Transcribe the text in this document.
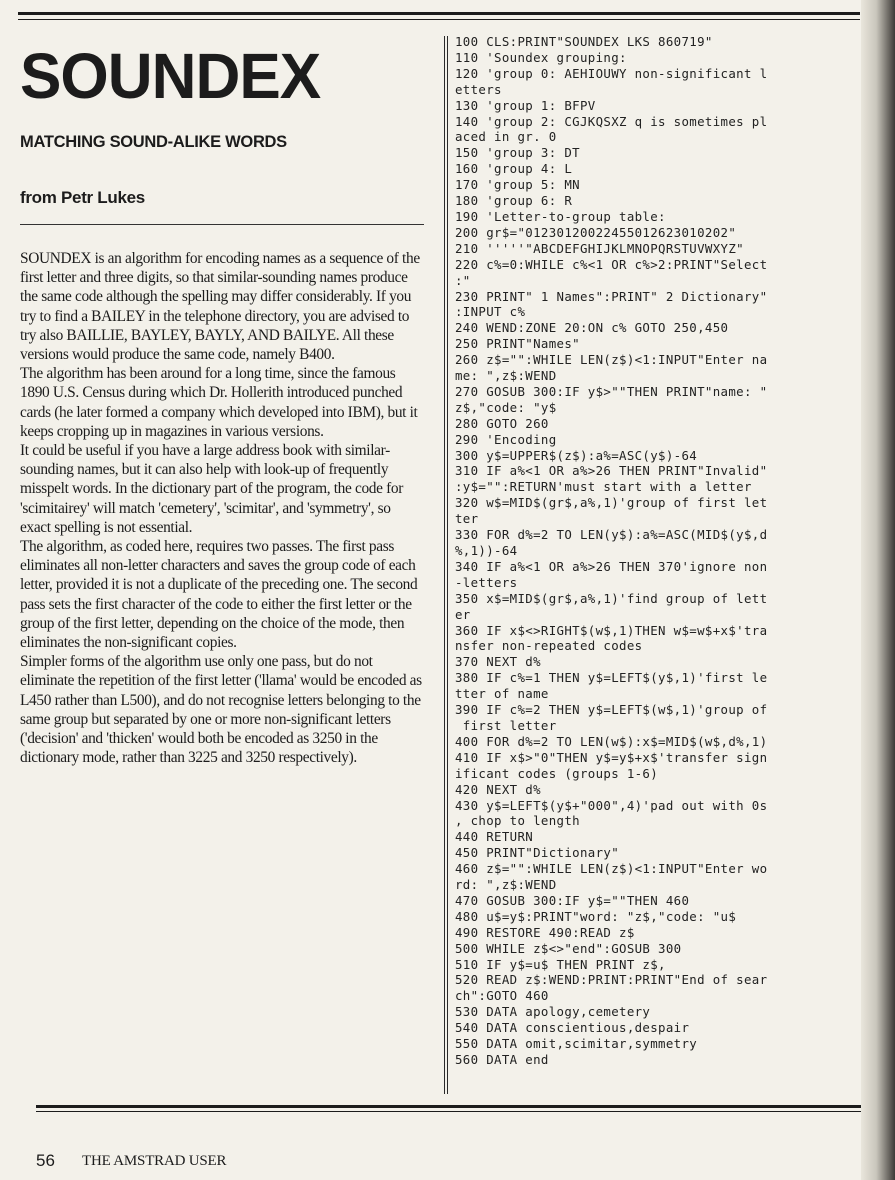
SOUNDEX
MATCHING SOUND-ALIKE WORDS
from Petr Lukes

SOUNDEX is an algorithm for encoding names as a sequence of the first letter and three digits, so that similar-sounding names produce the same code although the spelling may differ considerably. If you try to find a BAILEY in the telephone directory, you are advised to try also BAILLIE, BAYLEY, BAYLY, AND BAILYE. All these versions would produce the same code, namely B400.

The algorithm has been around for a long time, since the famous 1890 U.S. Census during which Dr. Hollerith introduced punched cards (he later formed a company which developed into IBM), but it keeps cropping up in magazines in various versions.

It could be useful if you have a large address book with similar-sounding names, but it can also help with look-up of frequently misspelt words. In the dictionary part of the program, the code for 'scimitairey' will match 'cemetery', 'scimitar', and 'symmetry', so exact spelling is not essential.

The algorithm, as coded here, requires two passes. The first pass eliminates all non-letter characters and saves the group code of each letter, provided it is not a duplicate of the preceding one. The second pass sets the first character of the code to either the first letter or the group of the first letter, depending on the choice of the mode, then eliminates the non-significant copies.

Simpler forms of the algorithm use only one pass, but do not eliminate the repetition of the first letter ('llama' would be encoded as L450 rather than L500), and do not recognise letters belonging to the same group but separated by one or more non-significant letters ('decision' and 'thicken' would both be encoded as 3250 in the dictionary mode, rather than 3225 and 3250 respectively).

100 CLS:PRINT"SOUNDEX LKS 860719"
110 'Soundex grouping:
120 'group 0: AEHIOUWY non-significant l
etters
130 'group 1: BFPV
140 'group 2: CGJKQSXZ q is sometimes pl
aced in gr. 0
150 'group 3: DT
160 'group 4: L
170 'group 5: MN
180 'group 6: R
190 'Letter-to-group table:
200 gr$="01230120022455012623010202"
210 '''''"ABCDEFGHIJKLMNOPQRSTUVWXYZ"
220 c%=0:WHILE c%<1 OR c%>2:PRINT"Select
:"
230 PRINT" 1 Names":PRINT" 2 Dictionary"
:INPUT c%
240 WEND:ZONE 20:ON c% GOTO 250,450
250 PRINT"Names"
260 z$="":WHILE LEN(z$)<1:INPUT"Enter na
me: ",z$:WEND
270 GOSUB 300:IF y$>""THEN PRINT"name: "
z$,"code: "y$
280 GOTO 260
290 'Encoding
300 y$=UPPER$(z$):a%=ASC(y$)-64
310 IF a%<1 OR a%>26 THEN PRINT"Invalid"
:y$="":RETURN'must start with a letter
320 w$=MID$(gr$,a%,1)'group of first let
ter
330 FOR d%=2 TO LEN(y$):a%=ASC(MID$(y$,d
%,1))-64
340 IF a%<1 OR a%>26 THEN 370'ignore non
-letters
350 x$=MID$(gr$,a%,1)'find group of lett
er
360 IF x$<>RIGHT$(w$,1)THEN w$=w$+x$'tra
nsfer non-repeated codes
370 NEXT d%
380 IF c%=1 THEN y$=LEFT$(y$,1)'first le
tter of name
390 IF c%=2 THEN y$=LEFT$(w$,1)'group of
first letter
400 FOR d%=2 TO LEN(w$):x$=MID$(w$,d%,1)
410 IF x$>"0"THEN y$=y$+x$'transfer sign
ificant codes (groups 1-6)
420 NEXT d%
430 y$=LEFT$(y$+"000",4)'pad out with 0s
, chop to length
440 RETURN
450 PRINT"Dictionary"
460 z$="":WHILE LEN(z$)<1:INPUT"Enter wo
rd: ",z$:WEND
470 GOSUB 300:IF y$=""THEN 460
480 u$=y$:PRINT"word: "z$,"code: "u$
490 RESTORE 490:READ z$
500 WHILE z$<>"end":GOSUB 300
510 IF y$=u$ THEN PRINT z$,
520 READ z$:WEND:PRINT:PRINT"End of sear
ch":GOTO 460
530 DATA apology,cemetery
540 DATA conscientious,despair
550 DATA omit,scimitar,symmetry
560 DATA end
56 THE AMSTRAD USER
